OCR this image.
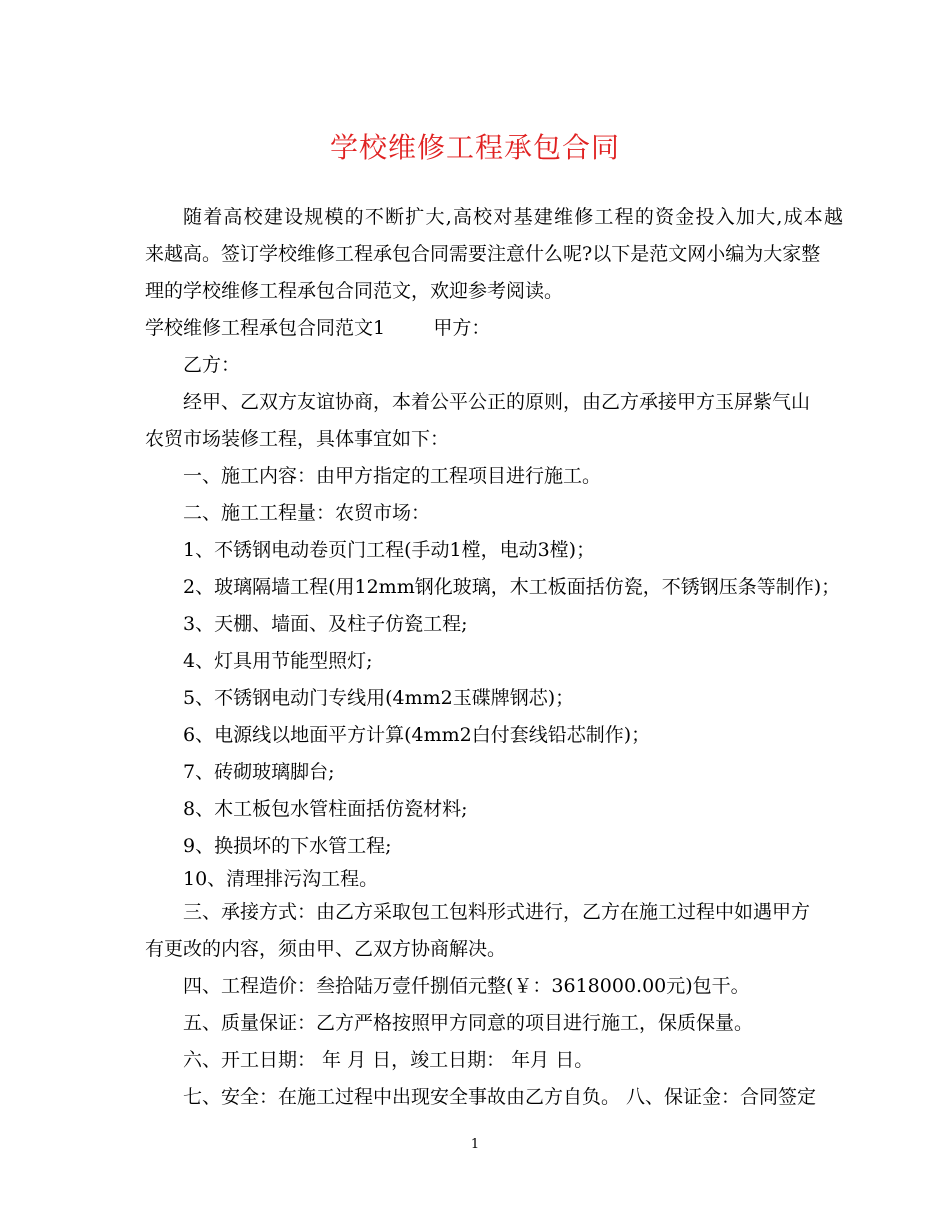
学校维修工程承包合同
随着高校建设规模的不断扩大,高校对基建维修工程的资金投入加大,成本越
来越高。签订学校维修工程承包合同需要注意什么呢?以下是范文网小编为大家整
理的学校维修工程承包合同范文，欢迎参考阅读。
学校维修工程承包合同范文1        甲方：
乙方：
经甲、乙双方友谊协商，本着公平公正的原则，由乙方承接甲方玉屏紫气山
农贸市场装修工程，具体事宜如下：
一、施工内容：由甲方指定的工程项目进行施工。
二、施工工程量：农贸市场：
1、不锈钢电动卷页门工程(手动1樘，电动3樘)；
2、玻璃隔墙工程(用12mm钢化玻璃，木工板面括仿瓷，不锈钢压条等制作)；
3、天棚、墙面、及柱子仿瓷工程;
4、灯具用节能型照灯;
5、不锈钢电动门专线用(4mm2玉碟牌钢芯)；
6、电源线以地面平方计算(4mm2白付套线铅芯制作)；
7、砖砌玻璃脚台;
8、木工板包水管柱面括仿瓷材料;
9、换损坏的下水管工程;
10、清理排污沟工程。
三、承接方式：由乙方采取包工包料形式进行，乙方在施工过程中如遇甲方
有更改的内容，须由甲、乙双方协商解决。
四、工程造价：叁拾陆万壹仟捌佰元整(￥：3618000.00元)包干。
五、质量保证：乙方严格按照甲方同意的项目进行施工，保质保量。
六、开工日期： 年 月 日，竣工日期： 年月 日。
七、安全：在施工过程中出现安全事故由乙方自负。 八、保证金：合同签定
1
